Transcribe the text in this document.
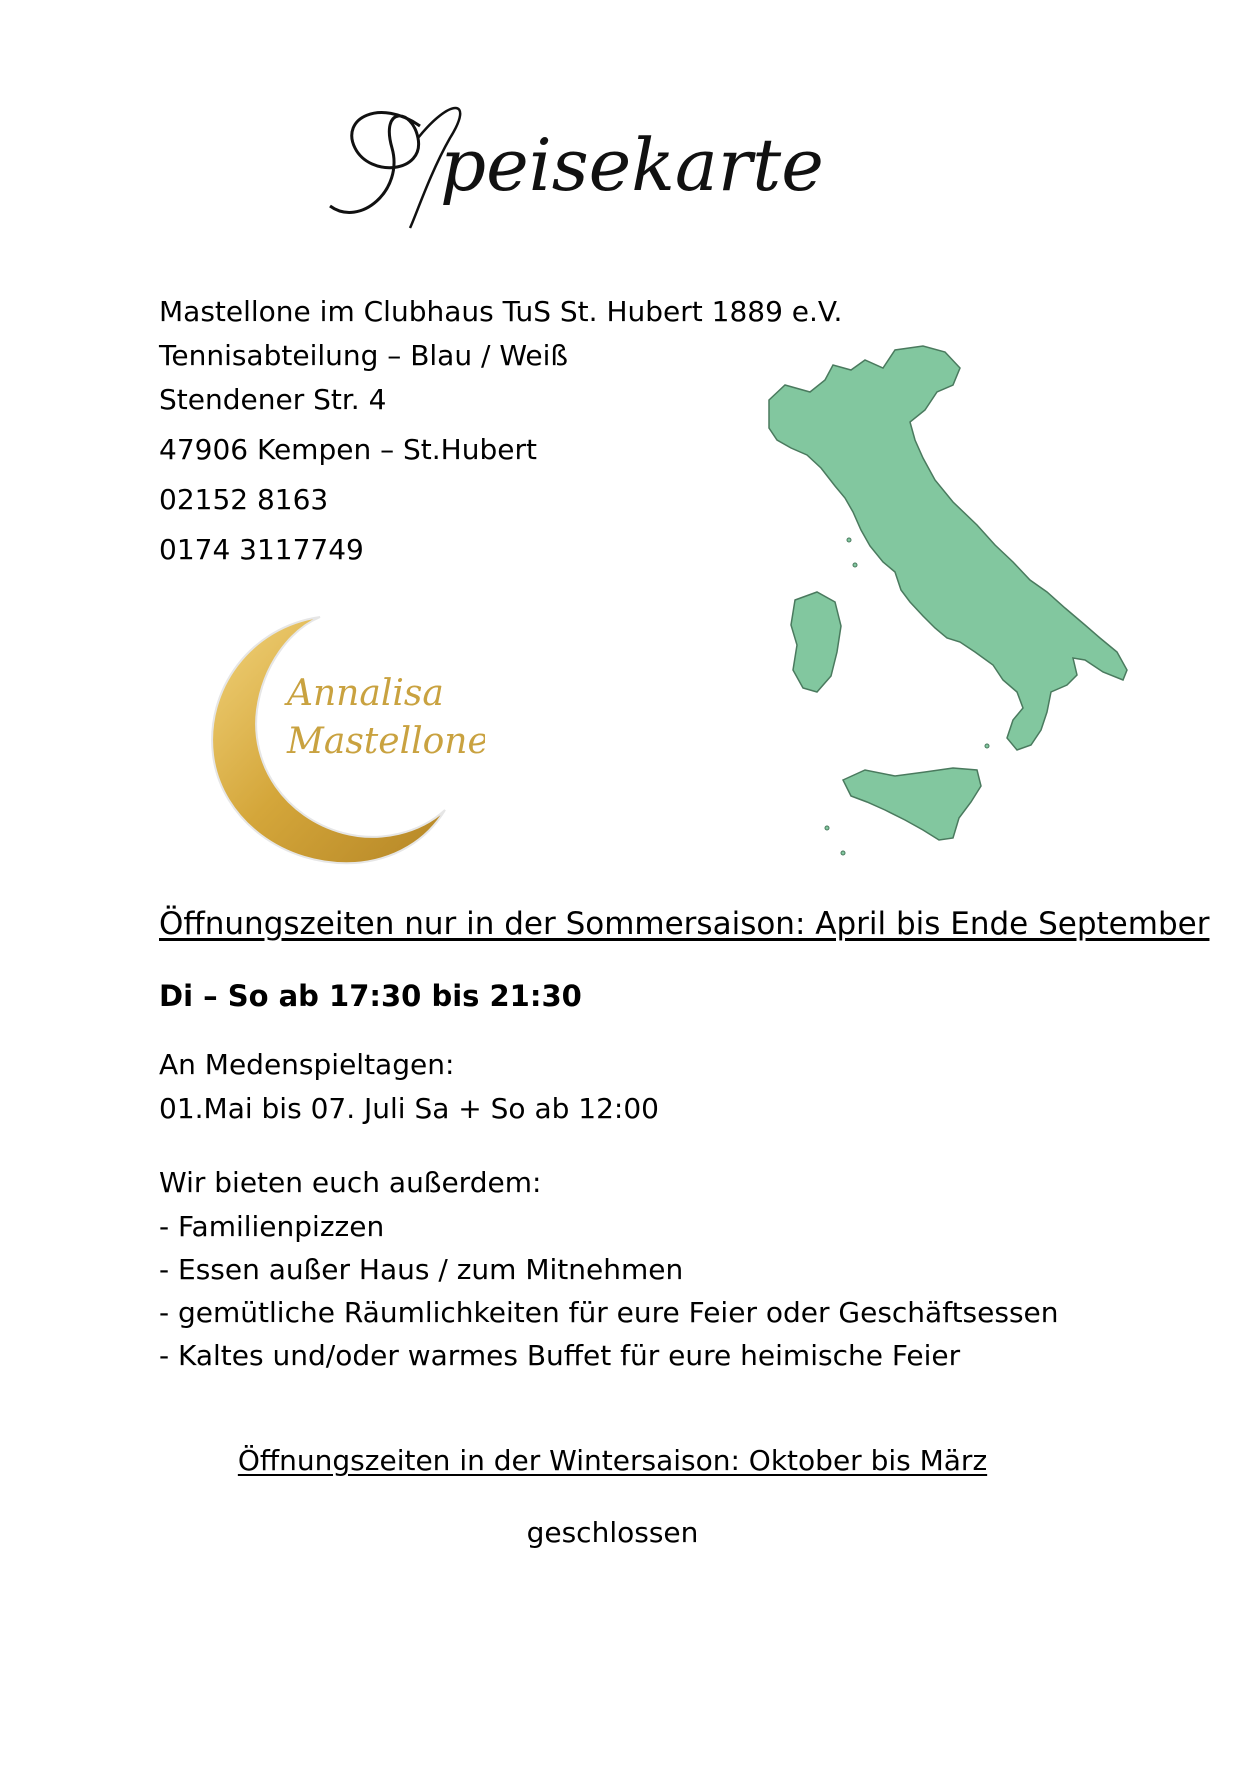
peisekarte
Mastellone im Clubhaus TuS St. Hubert 1889 e.V.
Tennisabteilung – Blau / Weiß
Stendener Str. 4
47906 Kempen – St.Hubert
02152 8163
0174 3117749
Annalisa
Mastellone
Öffnungszeiten nur in der Sommersaison: April bis Ende September
Di – So ab 17:30 bis 21:30
An Medenspieltagen:
01.Mai bis 07. Juli Sa + So ab 12:00
Wir bieten euch außerdem:
- Familienpizzen
- Essen außer Haus / zum Mitnehmen
- gemütliche Räumlichkeiten für eure Feier oder Geschäftsessen
- Kaltes und/oder warmes Buffet für eure heimische Feier
Öffnungszeiten in der Wintersaison: Oktober bis März
geschlossen
